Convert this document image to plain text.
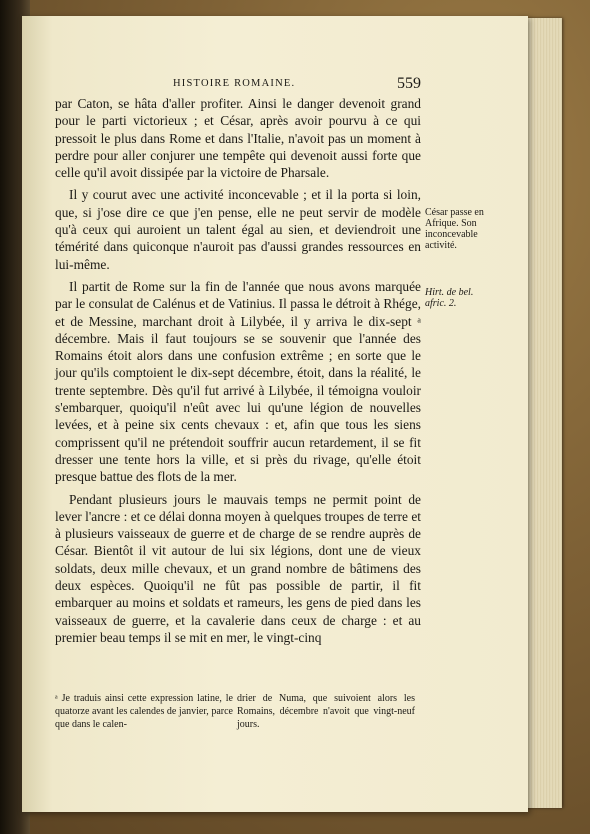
HISTOIRE ROMAINE.	559

par Caton, se hâta d'aller profiter. Ainsi le danger devenoit grand pour le parti victorieux ; et César, après avoir pourvu à ce qui pressoit le plus dans Rome et dans l'Italie, n'avoit pas un moment à perdre pour aller conjurer une tempête qui devenoit aussi forte que celle qu'il avoit dissipée par la victoire de Pharsale.

Il y courut avec une activité inconcevable ; et il la porta si loin, que, si j'ose dire ce que j'en pense, elle ne peut servir de modèle qu'à ceux qui auroient un talent égal au sien, et deviendroit une témérité dans quiconque n'auroit pas d'aussi grandes ressources en lui-même.

Il partit de Rome sur la fin de l'année que nous avons marquée par le consulat de Calénus et de Vatinius. Il passa le détroit à Rhége, et de Messine, marchant droit à Lilybée, il y arriva le dix-sept ᵃ décembre. Mais il faut toujours se se souvenir que l'année des Romains étoit alors dans une confusion extrême ; en sorte que le jour qu'ils comptoient le dix-sept décembre, étoit, dans la réalité, le trente septembre. Dès qu'il fut arrivé à Lilybée, il témoigna vouloir s'embarquer, quoiqu'il n'eût avec lui qu'une légion de nouvelles levées, et à peine six cents chevaux : et, afin que tous les siens comprissent qu'il ne prétendoit souffrir aucun retardement, il se fit dresser une tente hors la ville, et si près du rivage, qu'elle étoit presque battue des flots de la mer.

Pendant plusieurs jours le mauvais temps ne permit point de lever l'ancre : et ce délai donna moyen à quelques troupes de terre et à plusieurs vaisseaux de guerre et de charge de se rendre auprès de César. Bientôt il vit autour de lui six légions, dont une de vieux soldats, deux mille chevaux, et un grand nombre de bâtimens des deux espèces. Quoiqu'il ne fût pas possible de partir, il fit embarquer au moins et soldats et rameurs, les gens de pied dans les vaisseaux de guerre, et la cavalerie dans ceux de charge : et au premier beau temps il se mit en mer, le vingt-cinq

César passe en Afrique. Son inconcevable activité.
Hirt. de bel. afric. 2.
ᵃ Je traduis ainsi cette expression latine, le quatorze avant les calendes de janvier, parce que dans le calen-
drier de Numa, que suivoient alors les Romains, décembre n'avoit que vingt-neuf jours.
